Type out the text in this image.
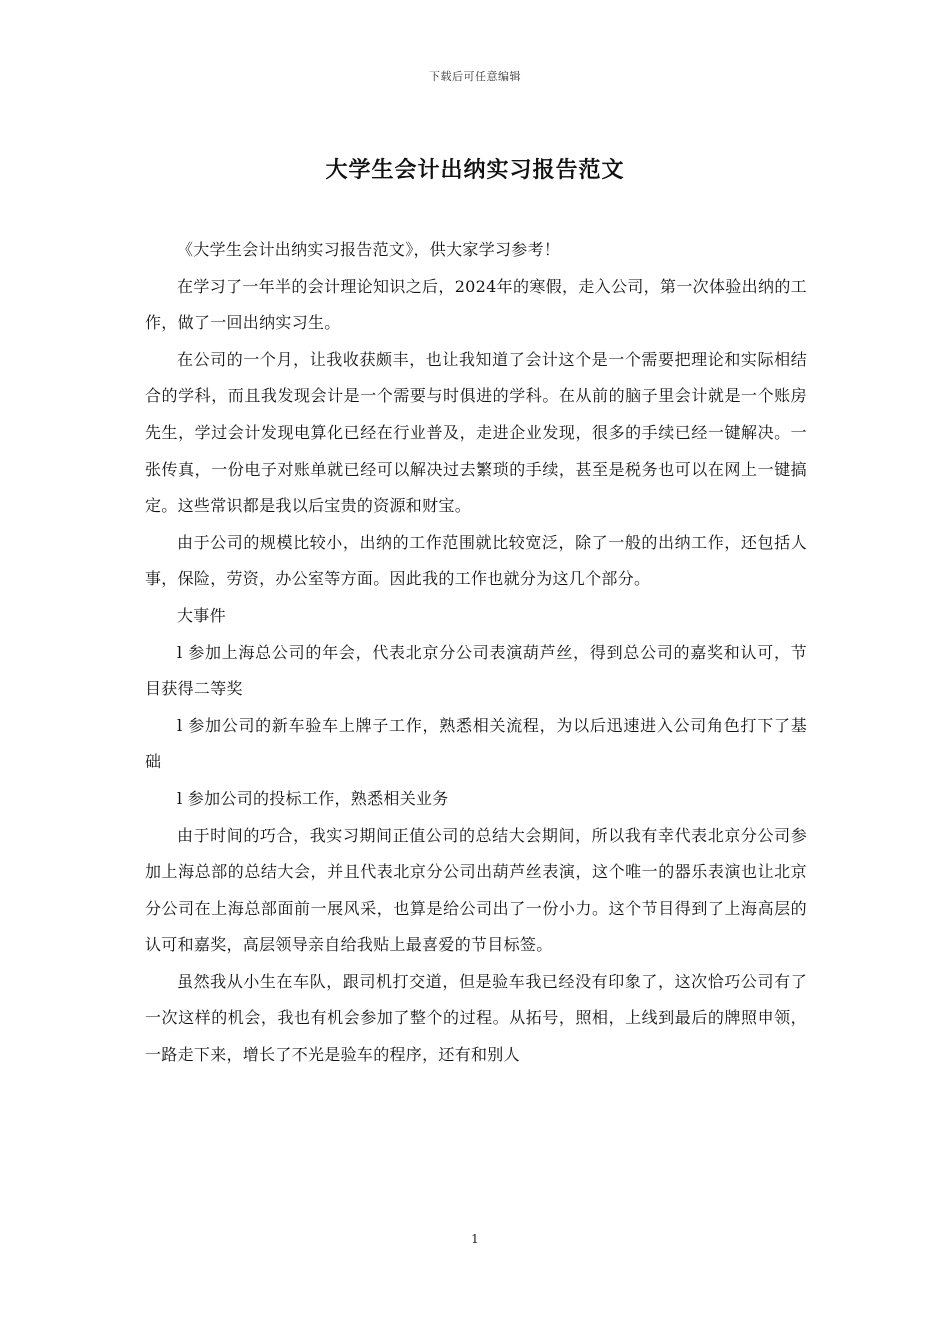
下载后可任意编辑
大学生会计出纳实习报告范文

《大学生会计出纳实习报告范文》，供大家学习参考！

在学习了一年半的会计理论知识之后，2024年的寒假，走入公司，第一次体验出纳的工作，做了一回出纳实习生。

在公司的一个月，让我收获颇丰，也让我知道了会计这个是一个需要把理论和实际相结合的学科，而且我发现会计是一个需要与时俱进的学科。在从前的脑子里会计就是一个账房先生，学过会计发现电算化已经在行业普及，走进企业发现，很多的手续已经一键解决。一张传真，一份电子对账单就已经可以解决过去繁琐的手续，甚至是税务也可以在网上一键搞定。这些常识都是我以后宝贵的资源和财宝。

由于公司的规模比较小，出纳的工作范围就比较宽泛，除了一般的出纳工作，还包括人事，保险，劳资，办公室等方面。因此我的工作也就分为这几个部分。

大事件

l 参加上海总公司的年会，代表北京分公司表演葫芦丝，得到总公司的嘉奖和认可，节目获得二等奖

l 参加公司的新车验车上牌子工作，熟悉相关流程，为以后迅速进入公司角色打下了基础

l 参加公司的投标工作，熟悉相关业务

由于时间的巧合，我实习期间正值公司的总结大会期间，所以我有幸代表北京分公司参加上海总部的总结大会，并且代表北京分公司出葫芦丝表演，这个唯一的器乐表演也让北京分公司在上海总部面前一展风采，也算是给公司出了一份小力。这个节目得到了上海高层的认可和嘉奖，高层领导亲自给我贴上最喜爱的节目标签。

虽然我从小生在车队，跟司机打交道，但是验车我已经没有印象了，这次恰巧公司有了一次这样的机会，我也有机会参加了整个的过程。从拓号，照相，上线到最后的牌照申领，一路走下来，增长了不光是验车的程序，还有和别人

1
